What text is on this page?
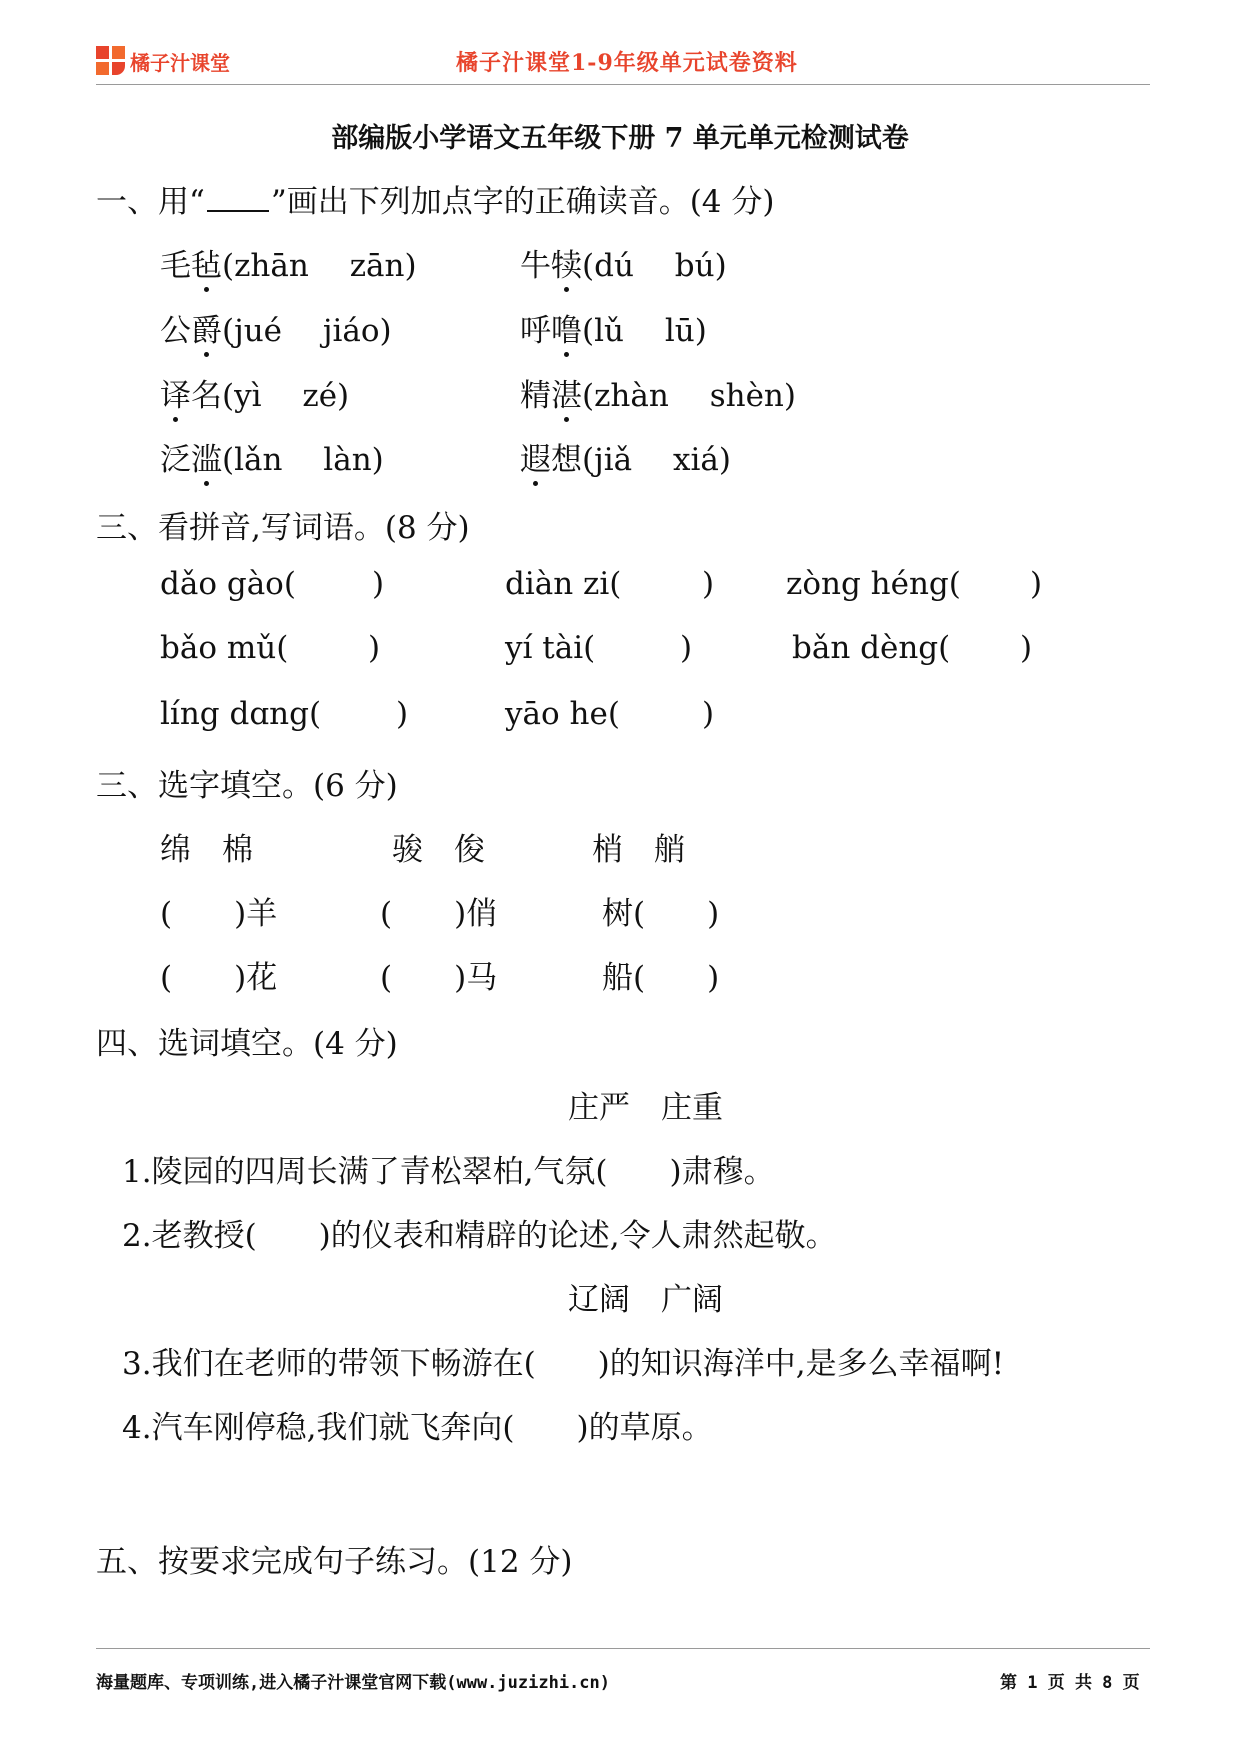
橘子汁课堂	橘子汁课堂1-9年级单元试卷资料
部编版小学语文五年级下册 7 单元单元检测试卷
一、用“ ”画出下列加点字的正确读音。(4 分)
毛毡(zhān　 zān)	牛犊(dú　 bú)
公爵(jué　 jiáo)	呼噜(lǔ　 lū)
译名(yì　 zé)	精湛(zhàn　 shèn)
泛滥(lǎn　 làn)	遐想(jiǎ　 xiá)
三、看拼音,写词语。(8 分)
dǎo gào( )	diàn zi(	) zòng héng( )
bǎo mǔ(	)	yí tài(	)	bǎn dèng( )
líng dɑng( )	yāo he(	)
三、选字填空。(6 分)
绵　棉	骏　俊	梢　艄
(　　)羊	(　　)俏	树(　　)
(　　)花	(　　)马	船(　　)
四、选词填空。(4 分)
庄严　庄重
1.陵园的四周长满了青松翠柏,气氛(　　)肃穆。
2.老教授(　　)的仪表和精辟的论述,令人肃然起敬。
辽阔　广阔
3.我们在老师的带领下畅游在(　　)的知识海洋中,是多么幸福啊!
4.汽车刚停稳,我们就飞奔向(　　)的草原。
五、按要求完成句子练习。(12 分)
海量题库、专项训练,进入橘子汁课堂官网下载(www.juzizhi.cn)	第 1 页 共 8 页
